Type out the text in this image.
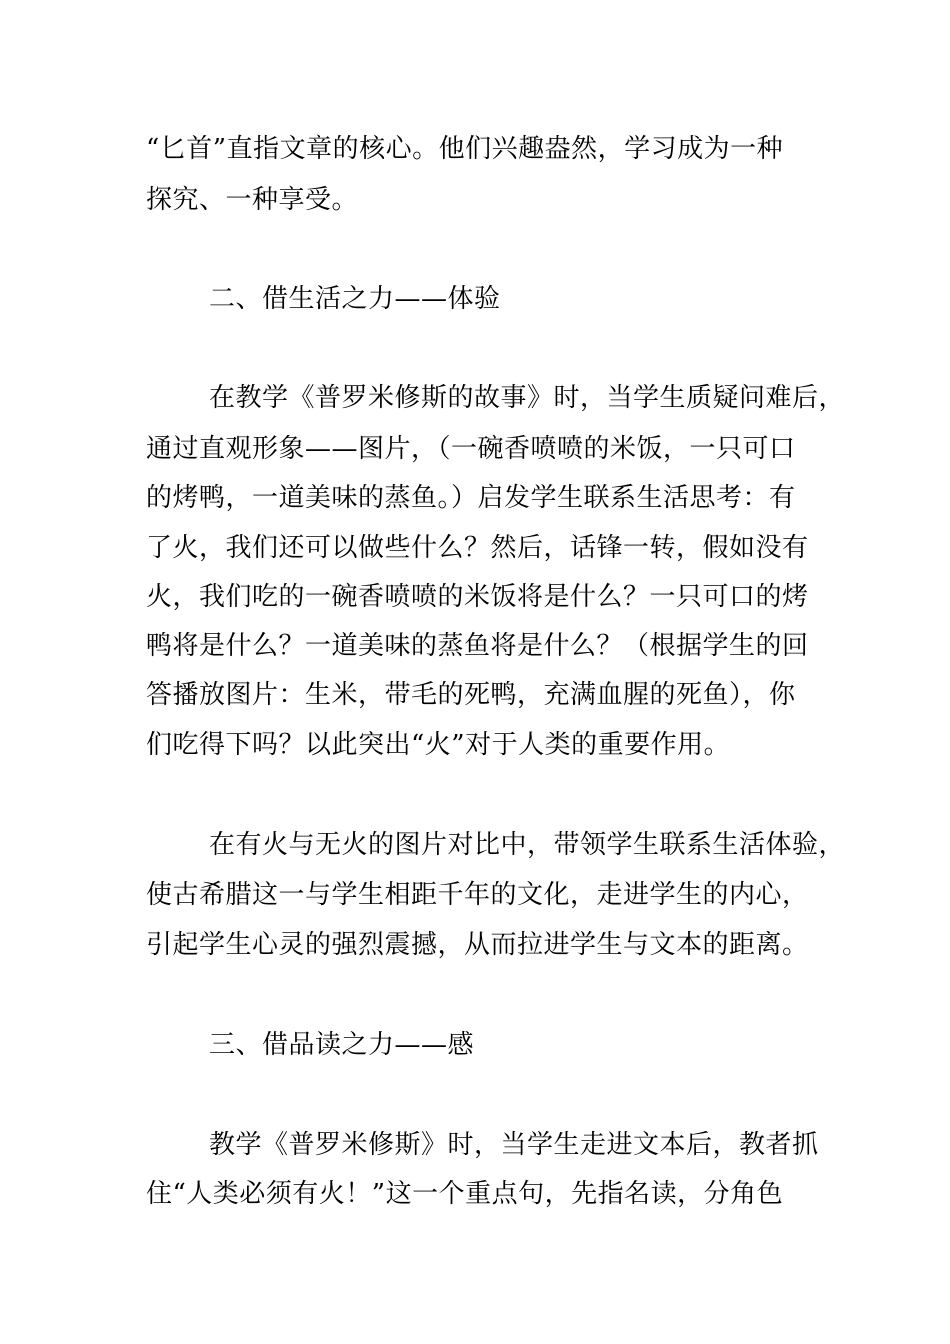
“匕首”直指文章的核心。他们兴趣盎然，学习成为一种
探究、一种享受。
二、借生活之力——体验
在教学《普罗米修斯的故事》时，当学生质疑问难后，
通过直观形象——图片，（一碗香喷喷的米饭，一只可口
的烤鸭，一道美味的蒸鱼。）启发学生联系生活思考：有
了火，我们还可以做些什么？然后，话锋一转，假如没有
火，我们吃的一碗香喷喷的米饭将是什么？一只可口的烤
鸭将是什么？一道美味的蒸鱼将是什么？（根据学生的回
答播放图片：生米，带毛的死鸭，充满血腥的死鱼），你
们吃得下吗？以此突出“火”对于人类的重要作用。
在有火与无火的图片对比中，带领学生联系生活体验，
使古希腊这一与学生相距千年的文化，走进学生的内心，
引起学生心灵的强烈震撼，从而拉进学生与文本的距离。
三、借品读之力——感
教学《普罗米修斯》时，当学生走进文本后，教者抓
住“人类必须有火！”这一个重点句，先指名读，分角色
